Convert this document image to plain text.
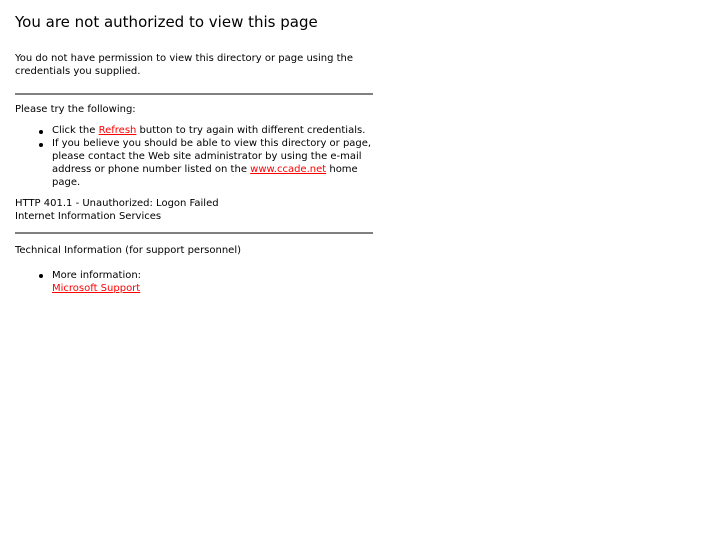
You are not authorized to view this page

You do not have permission to view this directory or page using the credentials you supplied.

Please try the following:

Click the Refresh button to try again with different credentials.
If you believe you should be able to view this directory or page, please contact the Web site administrator by using the e-mail address or phone number listed on the www.ccade.net home page.

HTTP 401.1 - Unauthorized: Logon Failed
Internet Information Services

Technical Information (for support personnel)

More information:
Microsoft Support
